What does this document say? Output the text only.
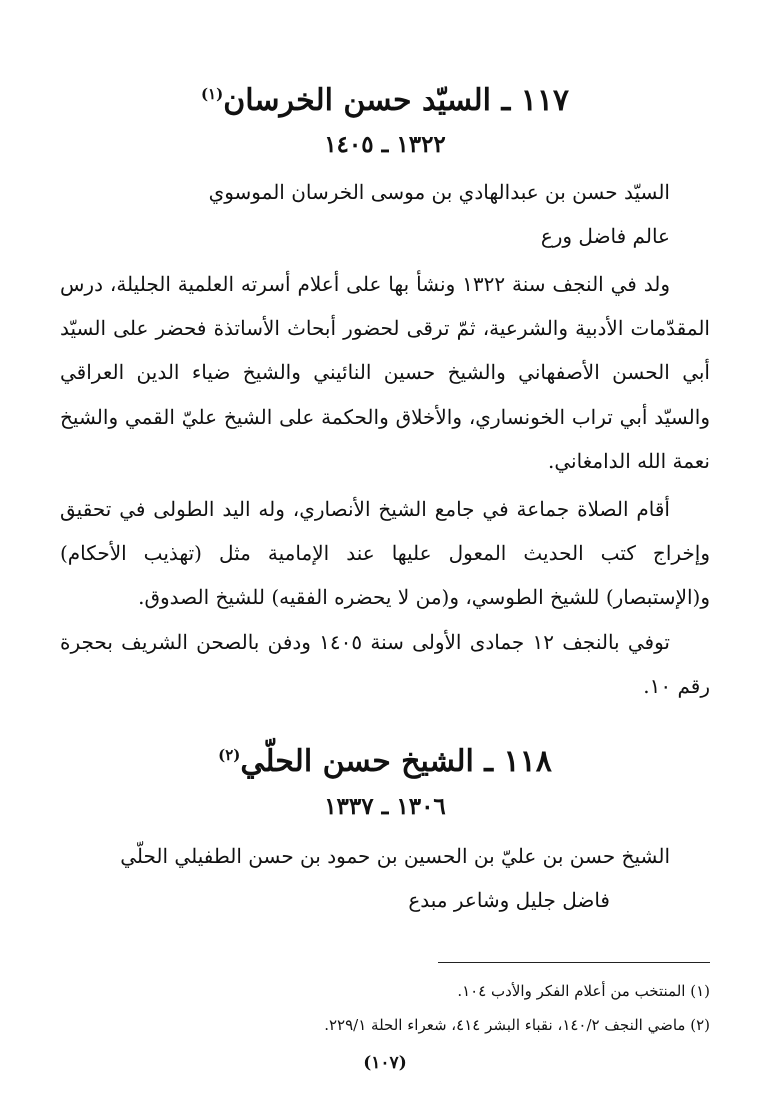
١١٧ ـ السيّد حسن الخرسان$^{(١)}$
١٣٢٢ ـ ١٤٠٥
السيّد حسن بن عبدالهادي بن موسى الخرسان الموسوي
عالم فاضل ورع

ولد في النجف سنة ١٣٢٢ ونشأ بها على أعلام أسرته العلمية الجليلة، درس المقدّمات الأدبية والشرعية، ثمّ ترقى لحضور أبحاث الأساتذة فحضر على السيّد أبي الحسن الأصفهاني والشيخ حسين النائيني والشيخ ضياء الدين العراقي والسيّد أبي تراب الخونساري، والأخلاق والحكمة على الشيخ عليّ القمي والشيخ نعمة الله الدامغاني.

أقام الصلاة جماعة في جامع الشيخ الأنصاري، وله اليد الطولى في تحقيق وإخراج كتب الحديث المعول عليها عند الإمامية مثل (تهذيب الأحكام) و(الإستبصار) للشيخ الطوسي، و(من لا يحضره الفقيه) للشيخ الصدوق.

توفي بالنجف ١٢ جمادى الأولى سنة ١٤٠٥ ودفن بالصحن الشريف بحجرة رقم ١٠.

١١٨ ـ الشيخ حسن الحلّي$^{(٢)}$
١٣٠٦ ـ ١٣٣٧
الشيخ حسن بن عليّ بن الحسين بن حمود بن حسن الطفيلي الحلّي
فاضل جليل وشاعر مبدع
(١) المنتخب من أعلام الفكر والأدب ١٠٤.
(٢) ماضي النجف ١٤٠/٢، نقباء البشر ٤١٤، شعراء الحلة ٢٢٩/١.
(١٠٧)
